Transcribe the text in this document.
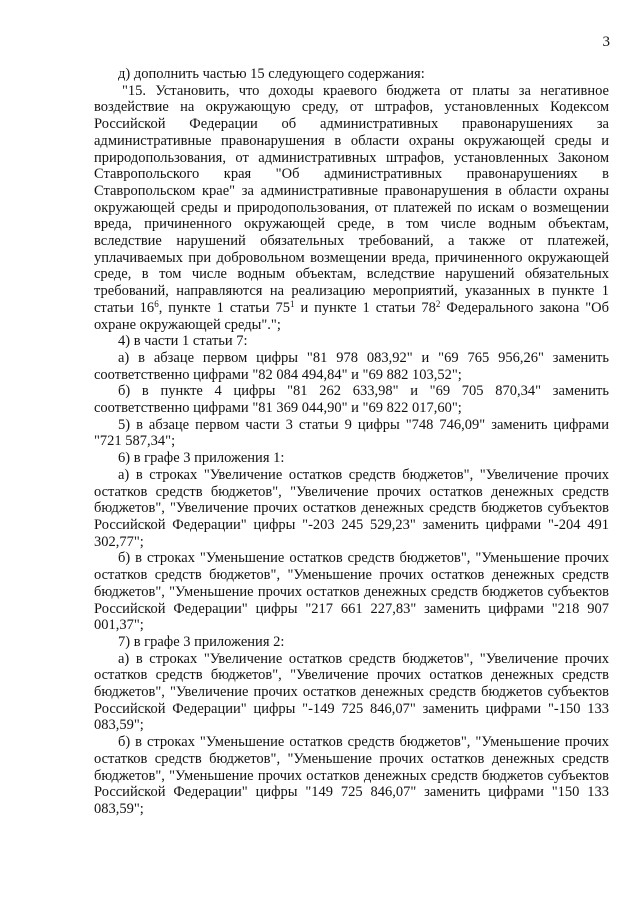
3

д) дополнить частью 15 следующего содержания:

"15. Установить, что доходы краевого бюджета от платы за негативное воздействие на окружающую среду, от штрафов, установленных Кодексом Российской Федерации об административных правонарушениях за административные правонарушения в области охраны окружающей среды и природопользования, от административных штрафов, установленных Законом Ставропольского края "Об административных правонарушениях в Ставропольском крае" за административные правонарушения в области охраны окружающей среды и природопользования, от платежей по искам о возмещении вреда, причиненного окружающей среде, в том числе водным объектам, вследствие нарушений обязательных требований, а также от платежей, уплачиваемых при добровольном возмещении вреда, причиненного окружающей среде, в том числе водным объектам, вследствие нарушений обязательных требований, направляются на реализацию мероприятий, указанных в пункте 1 статьи $16^6$, пункте 1 статьи $75^1$ и пункте 1 статьи $78^2$ Федерального закона "Об охране окружающей среды".";

4) в части 1 статьи 7:

а) в абзаце первом цифры "81 978 083,92" и "69 765 956,26" заменить соответственно цифрами "82 084 494,84" и "69 882 103,52";

б) в пункте 4 цифры "81 262 633,98" и "69 705 870,34" заменить соответственно цифрами "81 369 044,90" и "69 822 017,60";

5) в абзаце первом части 3 статьи 9 цифры "748 746,09" заменить цифрами "721 587,34";

6) в графе 3 приложения 1:

а) в строках "Увеличение остатков средств бюджетов", "Увеличение прочих остатков средств бюджетов", "Увеличение прочих остатков денежных средств бюджетов", "Увеличение прочих остатков денежных средств бюджетов субъектов Российской Федерации" цифры "-203 245 529,23" заменить цифрами "-204 491 302,77";

б) в строках "Уменьшение остатков средств бюджетов", "Уменьшение прочих остатков средств бюджетов", "Уменьшение прочих остатков денежных средств бюджетов", "Уменьшение прочих остатков денежных средств бюджетов субъектов Российской Федерации" цифры "217 661 227,83" заменить цифрами "218 907 001,37";

7) в графе 3 приложения 2:

а) в строках "Увеличение остатков средств бюджетов", "Увеличение прочих остатков средств бюджетов", "Увеличение прочих остатков денежных средств бюджетов", "Увеличение прочих остатков денежных средств бюджетов субъектов Российской Федерации" цифры "-149 725 846,07" заменить цифрами "-150 133 083,59";

б) в строках "Уменьшение остатков средств бюджетов", "Уменьшение прочих остатков средств бюджетов", "Уменьшение прочих остатков денежных средств бюджетов", "Уменьшение прочих остатков денежных средств бюджетов субъектов Российской Федерации" цифры "149 725 846,07" заменить цифрами "150 133 083,59";
